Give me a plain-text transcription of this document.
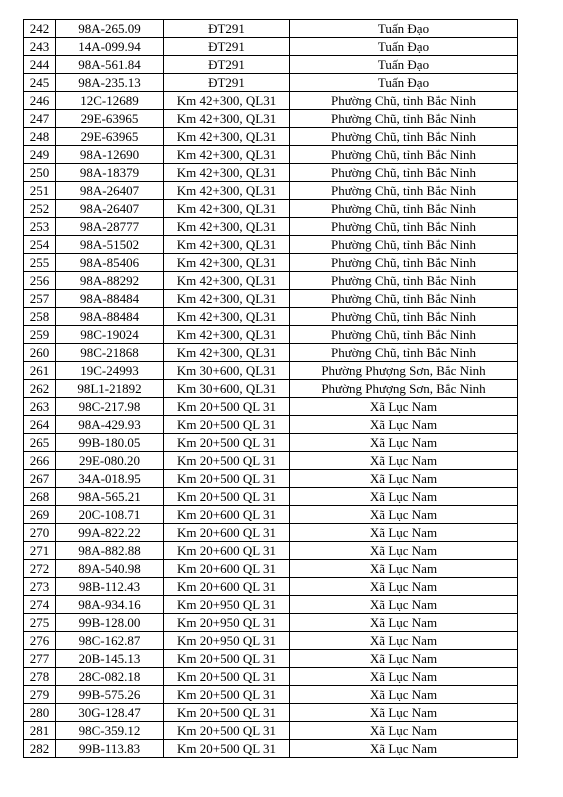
242	98A-265.09	ĐT291	Tuấn Đạo
243	14A-099.94	ĐT291	Tuấn Đạo
244	98A-561.84	ĐT291	Tuấn Đạo
245	98A-235.13	ĐT291	Tuấn Đạo
246	12C-12689	Km 42+300, QL31	Phường Chũ, tỉnh Bắc Ninh
247	29E-63965	Km 42+300, QL31	Phường Chũ, tỉnh Bắc Ninh
248	29E-63965	Km 42+300, QL31	Phường Chũ, tỉnh Bắc Ninh
249	98A-12690	Km 42+300, QL31	Phường Chũ, tỉnh Bắc Ninh
250	98A-18379	Km 42+300, QL31	Phường Chũ, tỉnh Bắc Ninh
251	98A-26407	Km 42+300, QL31	Phường Chũ, tỉnh Bắc Ninh
252	98A-26407	Km 42+300, QL31	Phường Chũ, tỉnh Bắc Ninh
253	98A-28777	Km 42+300, QL31	Phường Chũ, tỉnh Bắc Ninh
254	98A-51502	Km 42+300, QL31	Phường Chũ, tỉnh Bắc Ninh
255	98A-85406	Km 42+300, QL31	Phường Chũ, tỉnh Bắc Ninh
256	98A-88292	Km 42+300, QL31	Phường Chũ, tỉnh Bắc Ninh
257	98A-88484	Km 42+300, QL31	Phường Chũ, tỉnh Bắc Ninh
258	98A-88484	Km 42+300, QL31	Phường Chũ, tỉnh Bắc Ninh
259	98C-19024	Km 42+300, QL31	Phường Chũ, tỉnh Bắc Ninh
260	98C-21868	Km 42+300, QL31	Phường Chũ, tỉnh Bắc Ninh
261	19C-24993	Km 30+600, QL31	Phường Phượng Sơn, Bắc Ninh
262	98L1-21892	Km 30+600, QL31	Phường Phượng Sơn, Bắc Ninh
263	98C-217.98	Km 20+500 QL 31	Xã Lục Nam
264	98A-429.93	Km 20+500 QL 31	Xã Lục Nam
265	99B-180.05	Km 20+500 QL 31	Xã Lục Nam
266	29E-080.20	Km 20+500 QL 31	Xã Lục Nam
267	34A-018.95	Km 20+500 QL 31	Xã Lục Nam
268	98A-565.21	Km 20+500 QL 31	Xã Lục Nam
269	20C-108.71	Km 20+600 QL 31	Xã Lục Nam
270	99A-822.22	Km 20+600 QL 31	Xã Lục Nam
271	98A-882.88	Km 20+600 QL 31	Xã Lục Nam
272	89A-540.98	Km 20+600 QL 31	Xã Lục Nam
273	98B-112.43	Km 20+600 QL 31	Xã Lục Nam
274	98A-934.16	Km 20+950 QL 31	Xã Lục Nam
275	99B-128.00	Km 20+950 QL 31	Xã Lục Nam
276	98C-162.87	Km 20+950 QL 31	Xã Lục Nam
277	20B-145.13	Km 20+500 QL 31	Xã Lục Nam
278	28C-082.18	Km 20+500 QL 31	Xã Lục Nam
279	99B-575.26	Km 20+500 QL 31	Xã Lục Nam
280	30G-128.47	Km 20+500 QL 31	Xã Lục Nam
281	98C-359.12	Km 20+500 QL 31	Xã Lục Nam
282	99B-113.83	Km 20+500 QL 31	Xã Lục Nam
